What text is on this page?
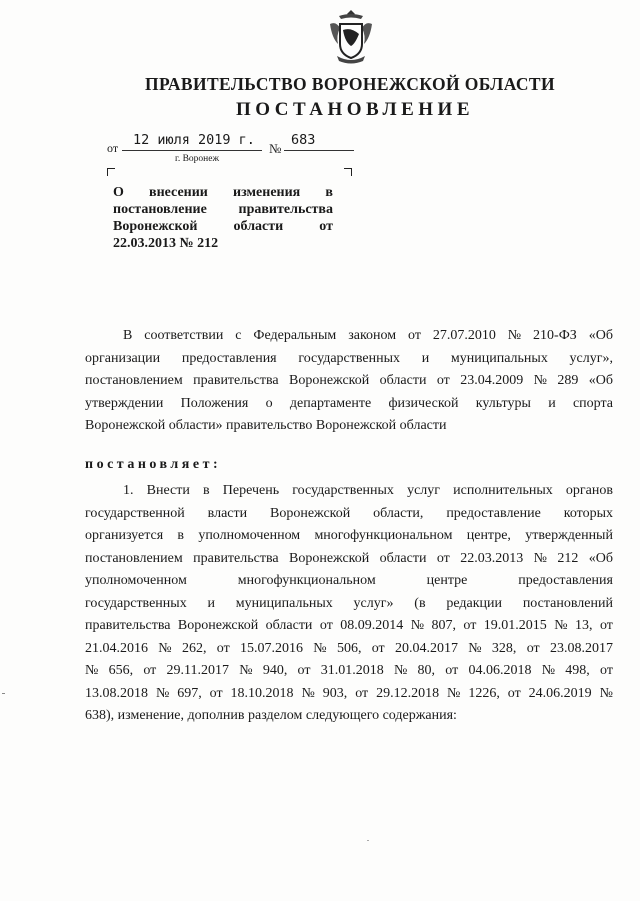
ПРАВИТЕЛЬСТВО ВОРОНЕЖСКОЙ ОБЛАСТИ
ПОСТАНОВЛЕНИЕ
от 12 июля 2019 г.
№
683
г. Воронеж
О внесении изменения в
постановление правительства
Воронежской	области	от
22.03.2013 № 212
В соответствии с Федеральным законом от 27.07.2010 № 210-ФЗ «Об
организации предоставления государственных и муниципальных услуг»,
постановлением правительства Воронежской области от 23.04.2009 № 289 «Об
утверждении Положения о департаменте физической культуры и спорта
Воронежской области» правительство Воронежской области
постановляет:
1. Внести в Перечень государственных услуг исполнительных органов
государственной власти Воронежской области, предоставление которых
организуется в уполномоченном многофункциональном центре, утвержденный
постановлением правительства Воронежской области от 22.03.2013 № 212 «Об
уполномоченном	многофункциональном	центре	предоставления
государственных и муниципальных услуг» (в редакции постановлений
правительства Воронежской области от 08.09.2014 № 807, от 19.01.2015 № 13, от
21.04.2016 № 262, от 15.07.2016 № 506, от 20.04.2017 № 328, от 23.08.2017
№ 656, от 29.11.2017 № 940, от 31.01.2018 № 80, от 04.06.2018 № 498, от
13.08.2018 № 697, от 18.10.2018 № 903, от 29.12.2018 № 1226, от 24.06.2019 №
638), изменение, дополнив разделом следующего содержания:
